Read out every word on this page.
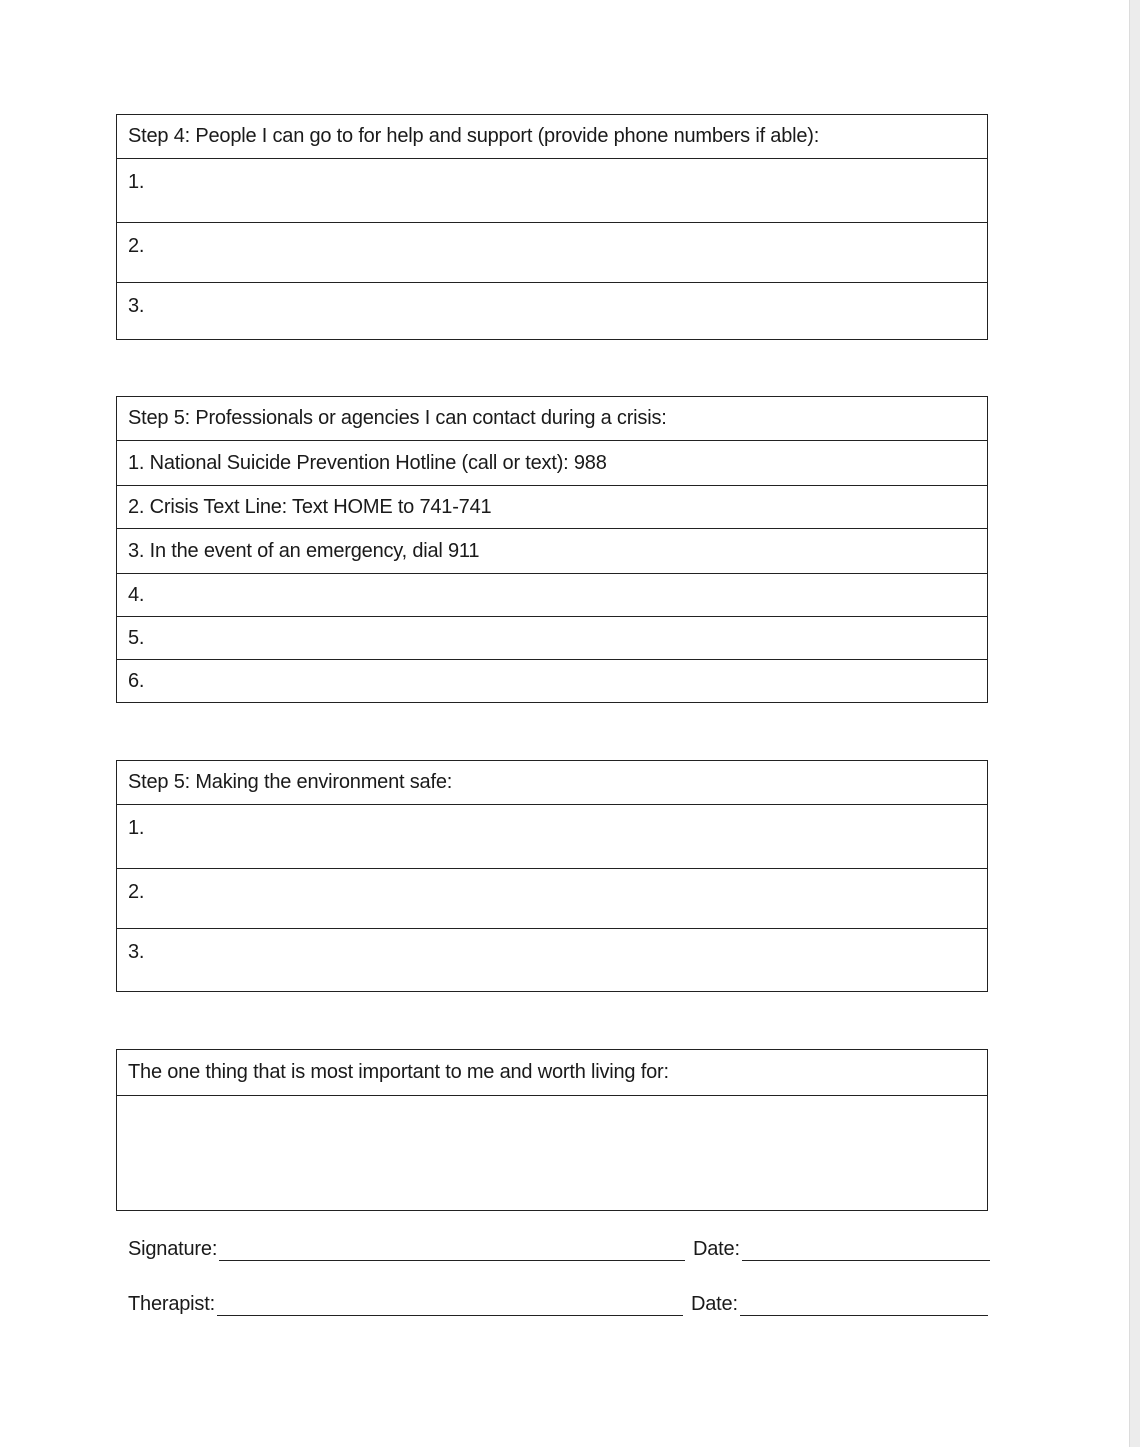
Step 4: People I can go to for help and support (provide phone numbers if able):
1.
2.
3.
Step 5: Professionals or agencies I can contact during a crisis:
1. National Suicide Prevention Hotline (call or text): 988
2. Crisis Text Line: Text HOME to 741-741
3. In the event of an emergency, dial 911
4.
5.
6.
Step 5: Making the environment safe:
1.
2.
3.
The one thing that is most important to me and worth living for:
Signature:	Date:
Therapist:	Date:
